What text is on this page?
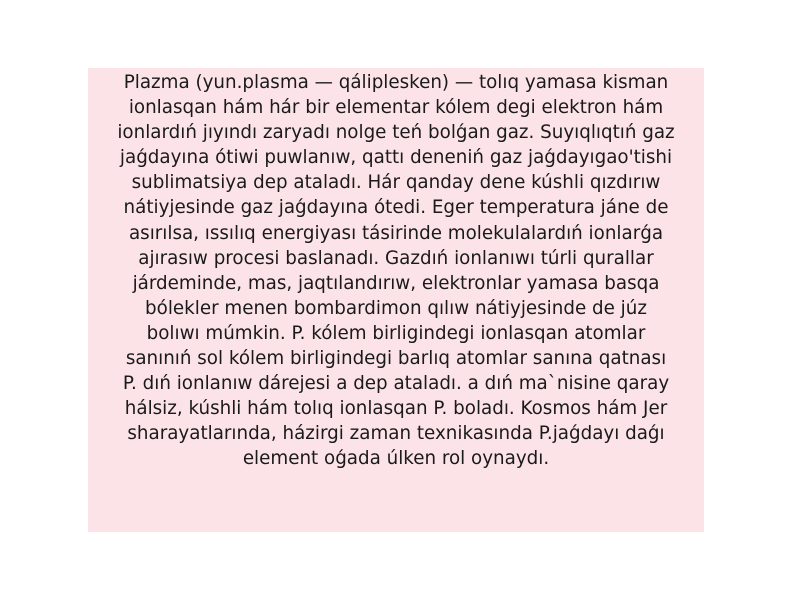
Plazma (yun.plasma — qáliplesken) — tolıq yamasa kisman
ionlasqan hám hár bir elementar kólem degi elektron hám
ionlardıń jıyındı zaryadı nolge teń bolǵan gaz. Suyıqlıqtıń gaz
jaǵdayına ótiwi puwlanıw, qattı deneniń gaz jaǵdayıgao'tishi
sublimatsiya dep ataladı. Hár qanday dene kúshli qızdırıw
nátiyjesinde gaz jaǵdayına ótedi. Eger temperatura jáne de
asırılsa, ıssılıq energiyası tásirinde molekulalardıń ionlarǵa
ajırasıw procesi baslanadı. Gazdıń ionlanıwı túrli qurallar
járdeminde, mas, jaqtılandırıw, elektronlar yamasa basqa
bólekler menen bombardimon qılıw nátiyjesinde de júz
bolıwı múmkin. P. kólem birligindegi ionlasqan atomlar
sanınıń sol kólem birligindegi barlıq atomlar sanına qatnası
P. dıń ionlanıw dárejesi a dep ataladı. a dıń ma`nisine qaray
hálsiz, kúshli hám tolıq ionlasqan P. boladı. Kosmos hám Jer
sharayatlarında, házirgi zaman texnikasında P.jaǵdayı daǵı
element oǵada úlken rol oynaydı.
